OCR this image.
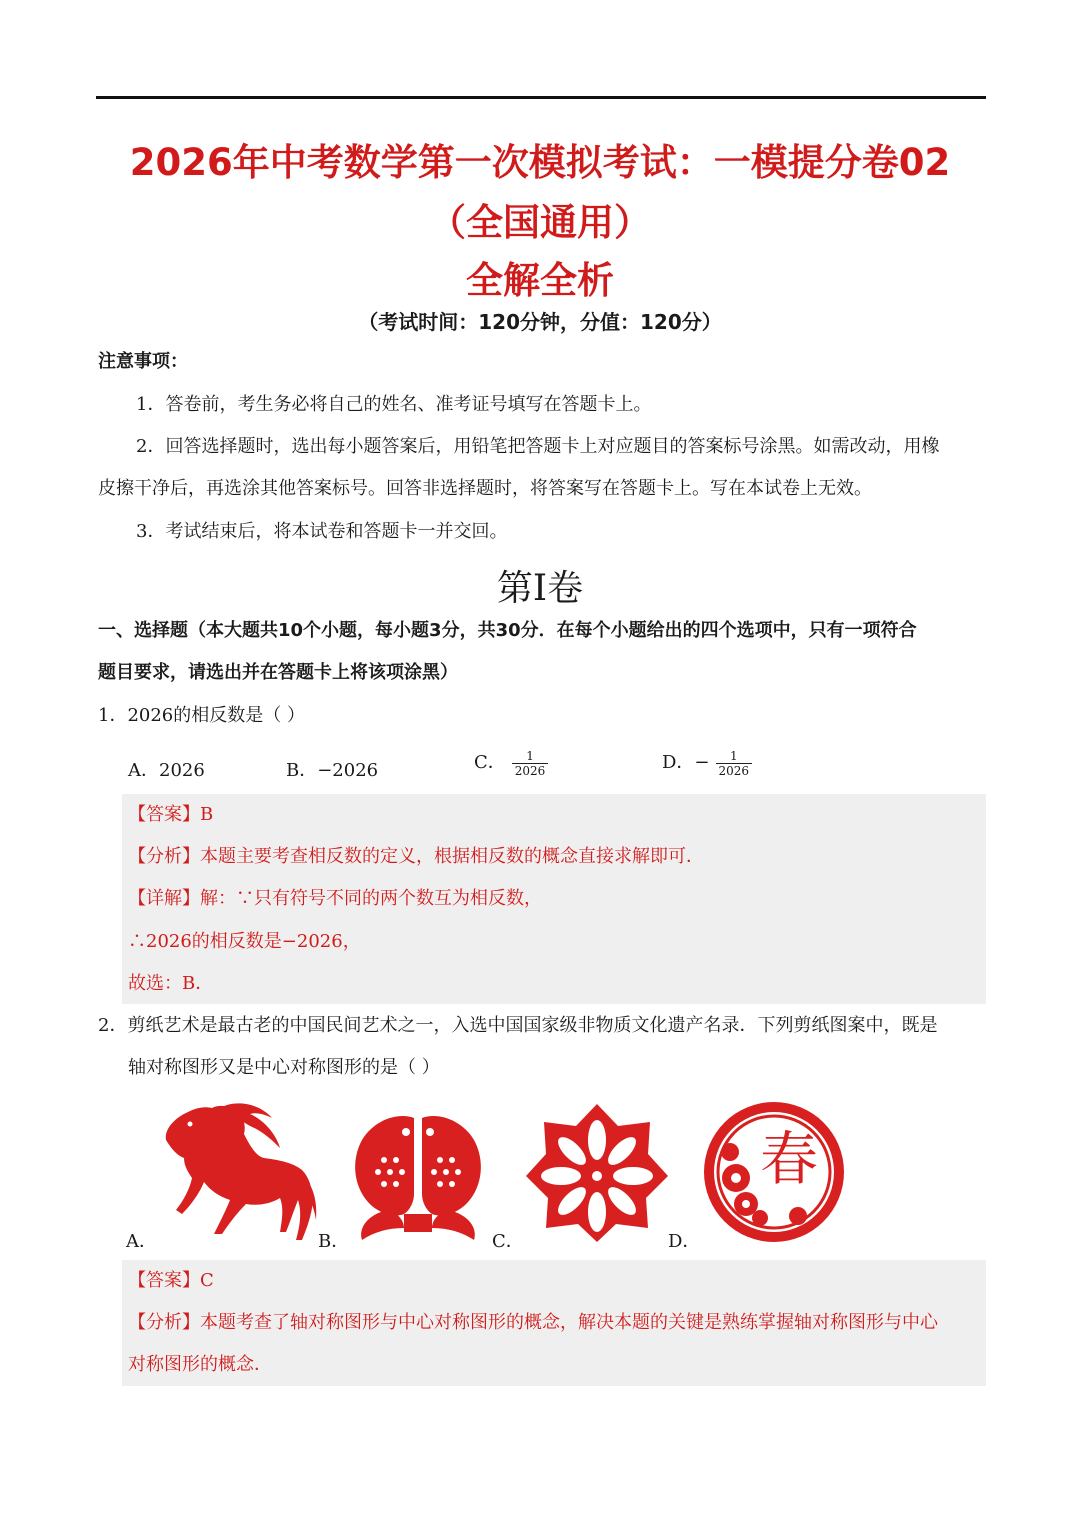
2026年中考数学第一次模拟考试：一模提分卷02
（全国通用）
全解全析
（考试时间：120分钟，分值：120分）
注意事项：
1．答卷前，考生务必将自己的姓名、准考证号填写在答题卡上。
2．回答选择题时，选出每小题答案后，用铅笔把答题卡上对应题目的答案标号涂黑。如需改动，用橡
皮擦干净后，再选涂其他答案标号。回答非选择题时，将答案写在答题卡上。写在本试卷上无效。
3．考试结束后，将本试卷和答题卡一并交回。
第I卷
一、选择题（本大题共10个小题，每小题3分，共30分．在每个小题给出的四个选项中，只有一项符合
题目要求，请选出并在答题卡上将该项涂黑）
1．2026的相反数是（ ）
A．2026	B．−2026	C． $\frac{1}{2026}$	D．− $\frac{1}{2026}$
【答案】B
【分析】本题主要考查相反数的定义，根据相反数的概念直接求解即可．
【详解】解：∵只有符号不同的两个数互为相反数，
∴2026的相反数是−2026，
故选：B．
2．剪纸艺术是最古老的中国民间艺术之一，入选中国国家级非物质文化遗产名录．下列剪纸图案中，既是
轴对称图形又是中心对称图形的是（ ）
A．	B．	C．
春
D．
【答案】C
【分析】本题考查了轴对称图形与中心对称图形的概念，解决本题的关键是熟练掌握轴对称图形与中心
对称图形的概念．
